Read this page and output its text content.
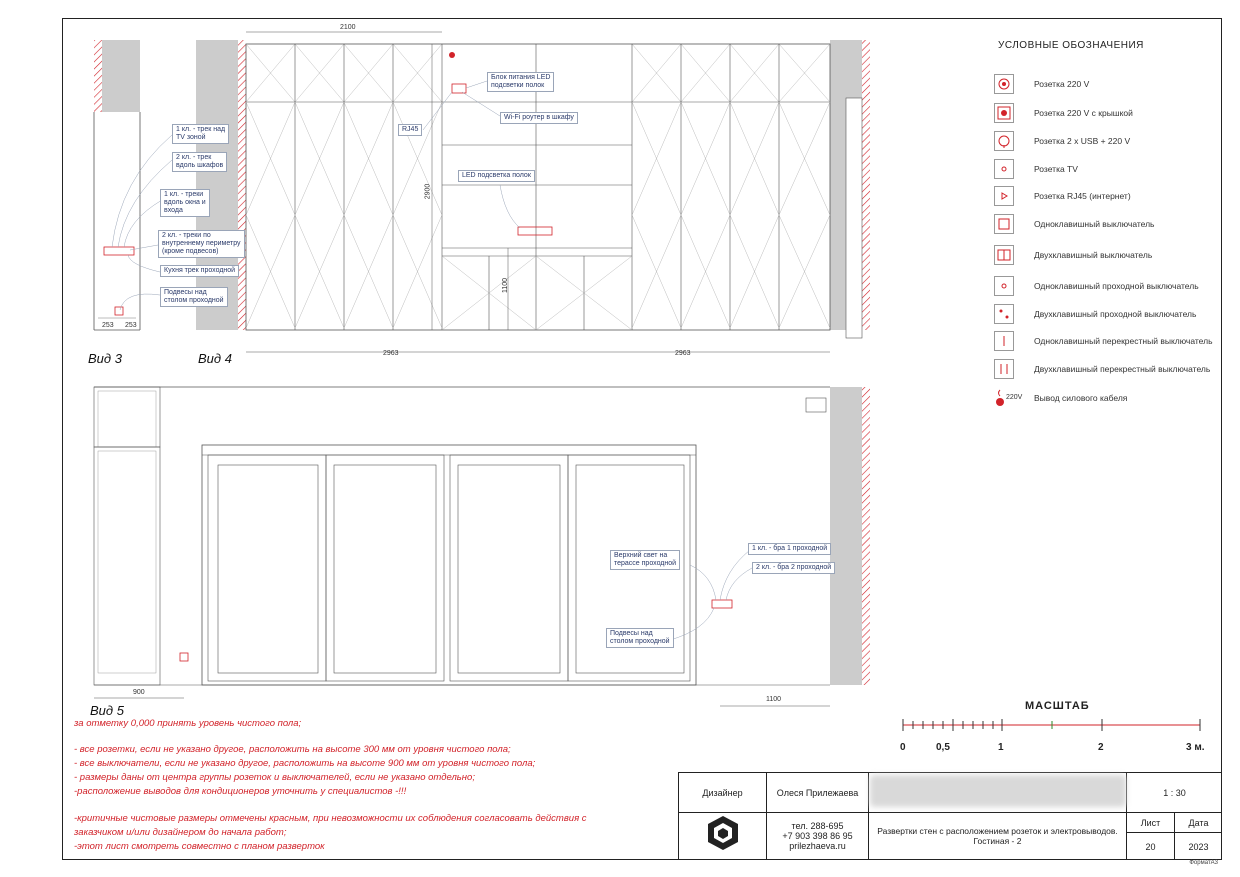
2100
253 253
2900
1100
2963	2963
900
1100
Вид 3	Вид 4
Вид 5
1 кл. - трек над
TV зоной
2 кл. - трек
вдоль шкафов
1 кл. - треки
вдоль окна и
входа
2 кл. - треки по
внутреннему периметру
(кроме подвесов)
Кухня трек проходной
Подвесы над
столом проходной
Блок питания LED
подсветки полок
Wi-Fi роутер в шкафу
RJ45
LED подсветка полок
Верхний свет на
терассе проходной
1 кл. - бра 1 проходной
2 кл. - бра 2 проходной
Подвесы над
столом проходной
УСЛОВНЫЕ ОБОЗНАЧЕНИЯ
Розетка 220 V
Розетка 220 V с крышкой
Розетка 2 x USB + 220 V
Розетка TV
Розетка RJ45 (интернет)
Одноклавишный выключатель
Двухклавишный выключатель
Одноклавишный проходной выключатель
Двухклавишный проходной выключатель
Одноклавишный перекрестный выключатель
Двухклавишный перекрестный выключатель
220V Вывод силового кабеля
МАСШТАБ
0	0,5	1	2	3 м.
за отметку 0,000 принять уровень чистого пола;
- все розетки, если не указано другое, расположить на высоте 300 мм от уровня чистого пола;
- все выключатели, если не указано другое, расположить на высоте 900 мм от уровня чистого пола;
- размеры даны от центра группы розеток и выключателей, если не указано отдельно;
-расположение выводов для кондиционеров уточнить у специалистов -!!!
-критичные чистовые размеры отмечены красным, при невозможности их соблюдения согласовать действия с
заказчиком и/или дизайнером до начала работ;
-этот лист смотреть совместно с планом разверток
Дизайнер	Олеся Прилежаева
тел. 288-695
+7 903 398 86 95
prilezhaeva.ru
Развертки стен с расположением розеток и электровыводов.
Гостиная - 2
1 : 30
Лист	Дата
20	2023
ФорматА3
